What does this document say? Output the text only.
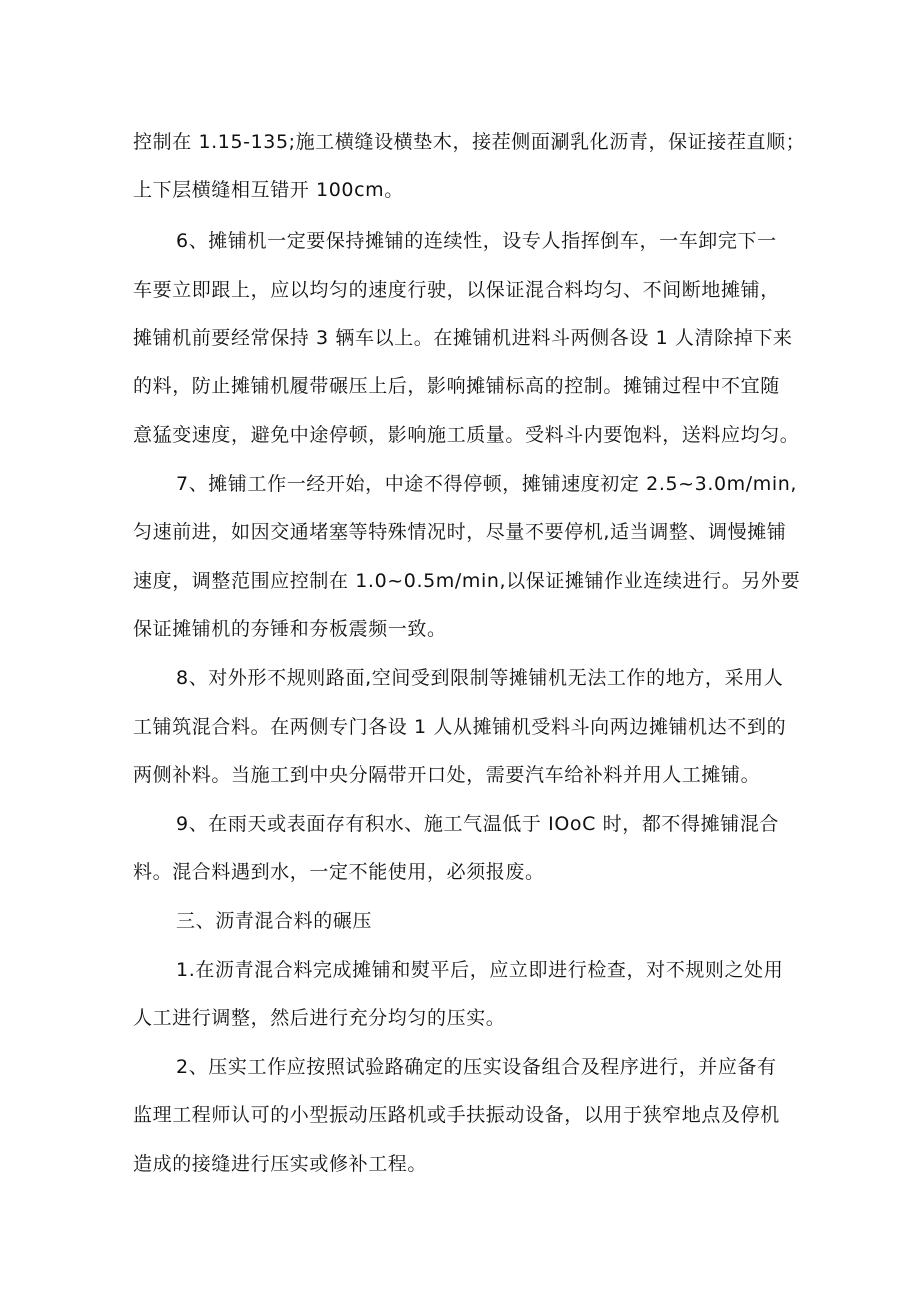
控制在 1.15-135;施工横缝设横垫木，接茬侧面涮乳化沥青，保证接茬直顺；
上下层横缝相互错开 100cm。
6、摊铺机一定要保持摊铺的连续性，设专人指挥倒车，一车卸完下一
车要立即跟上，应以均匀的速度行驶，以保证混合料均匀、不间断地摊铺，
摊铺机前要经常保持 3 辆车以上。在摊铺机进料斗两侧各设 1 人清除掉下来
的料，防止摊铺机履带碾压上后，影响摊铺标高的控制。摊铺过程中不宜随
意猛变速度，避免中途停顿，影响施工质量。受料斗内要饱料，送料应均匀。
7、摊铺工作一经开始，中途不得停顿，摊铺速度初定 2.5~3.0m∕min,
匀速前进，如因交通堵塞等特殊情况时，尽量不要停机,适当调整、调慢摊铺
速度，调整范围应控制在 1.0~0.5m∕min,以保证摊铺作业连续进行。另外要
保证摊铺机的夯锤和夯板震频一致。
8、对外形不规则路面,空间受到限制等摊铺机无法工作的地方，采用人
工铺筑混合料。在两侧专门各设 1 人从摊铺机受料斗向两边摊铺机达不到的
两侧补料。当施工到中央分隔带开口处，需要汽车给补料并用人工摊铺。
9、在雨天或表面存有积水、施工气温低于 IOoC 时，都不得摊铺混合
料。混合料遇到水，一定不能使用，必须报废。
三、沥青混合料的碾压
1.在沥青混合料完成摊铺和熨平后，应立即进行检查，对不规则之处用
人工进行调整，然后进行充分均匀的压实。
2、压实工作应按照试验路确定的压实设备组合及程序进行，并应备有
监理工程师认可的小型振动压路机或手扶振动设备，以用于狭窄地点及停机
造成的接缝进行压实或修补工程。
